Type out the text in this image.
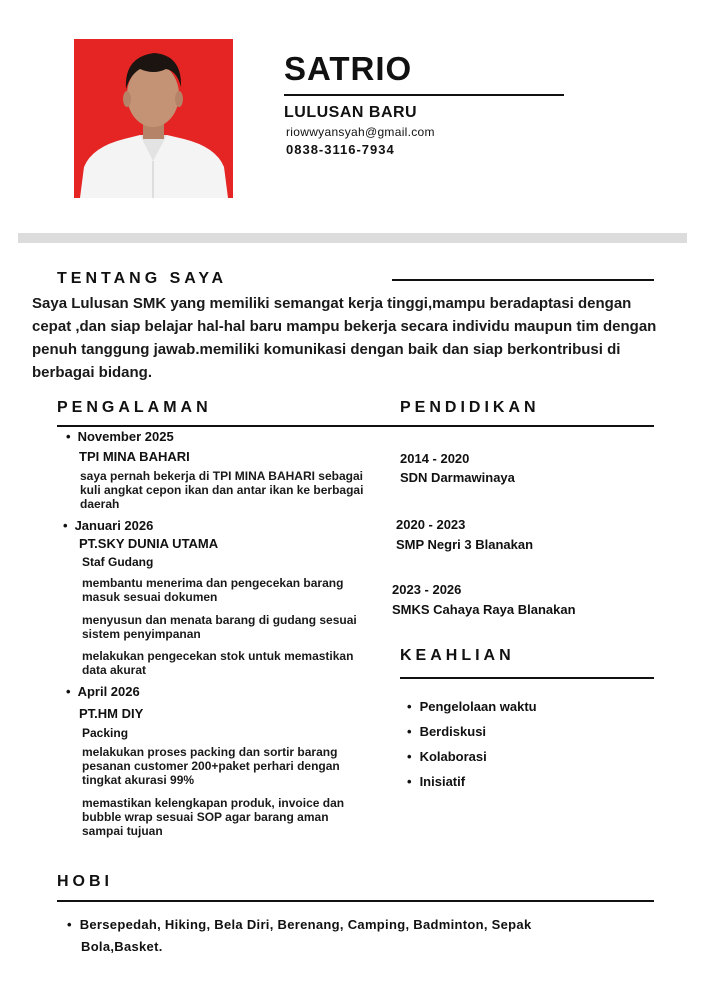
SATRIO
LULUSAN BARU
riowwyansyah@gmail.com
0838-3116-7934
TENTANG SAYA
Saya Lulusan SMK yang memiliki semangat kerja tinggi,mampu beradaptasi dengan
cepat ,dan siap belajar hal-hal baru mampu bekerja secara individu maupun tim dengan
penuh tanggung jawab.memiliki komunikasi dengan baik dan siap berkontribusi di
berbagai bidang.
PENGALAMAN	PENDIDIKAN
• November 2025
TPI MINA BAHARI
saya pernah bekerja di TPI MINA BAHARI sebagai
kuli angkat cepon ikan dan antar ikan ke berbagai
daerah
• Januari 2026
PT.SKY DUNIA UTAMA
Staf Gudang
membantu menerima dan pengecekan barang
masuk sesuai dokumen
menyusun dan menata barang di gudang sesuai
sistem penyimpanan
melakukan pengecekan stok untuk memastikan
data akurat
• April 2026
PT.HM DIY
Packing
melakukan proses packing dan sortir barang
pesanan customer 200+paket perhari dengan
tingkat akurasi 99%
memastikan kelengkapan produk, invoice dan
bubble wrap sesuai SOP agar barang aman
sampai tujuan
2014 - 2020
SDN Darmawinaya
2020 - 2023
SMP Negri 3 Blanakan
2023 - 2026
SMKS Cahaya Raya Blanakan
KEAHLIAN
• Pengelolaan waktu
• Berdiskusi
• Kolaborasi
• Inisiatif
HOBI
•  Bersepedah, Hiking, Bela Diri, Berenang, Camping, Badminton, Sepak
Bola,Basket.
